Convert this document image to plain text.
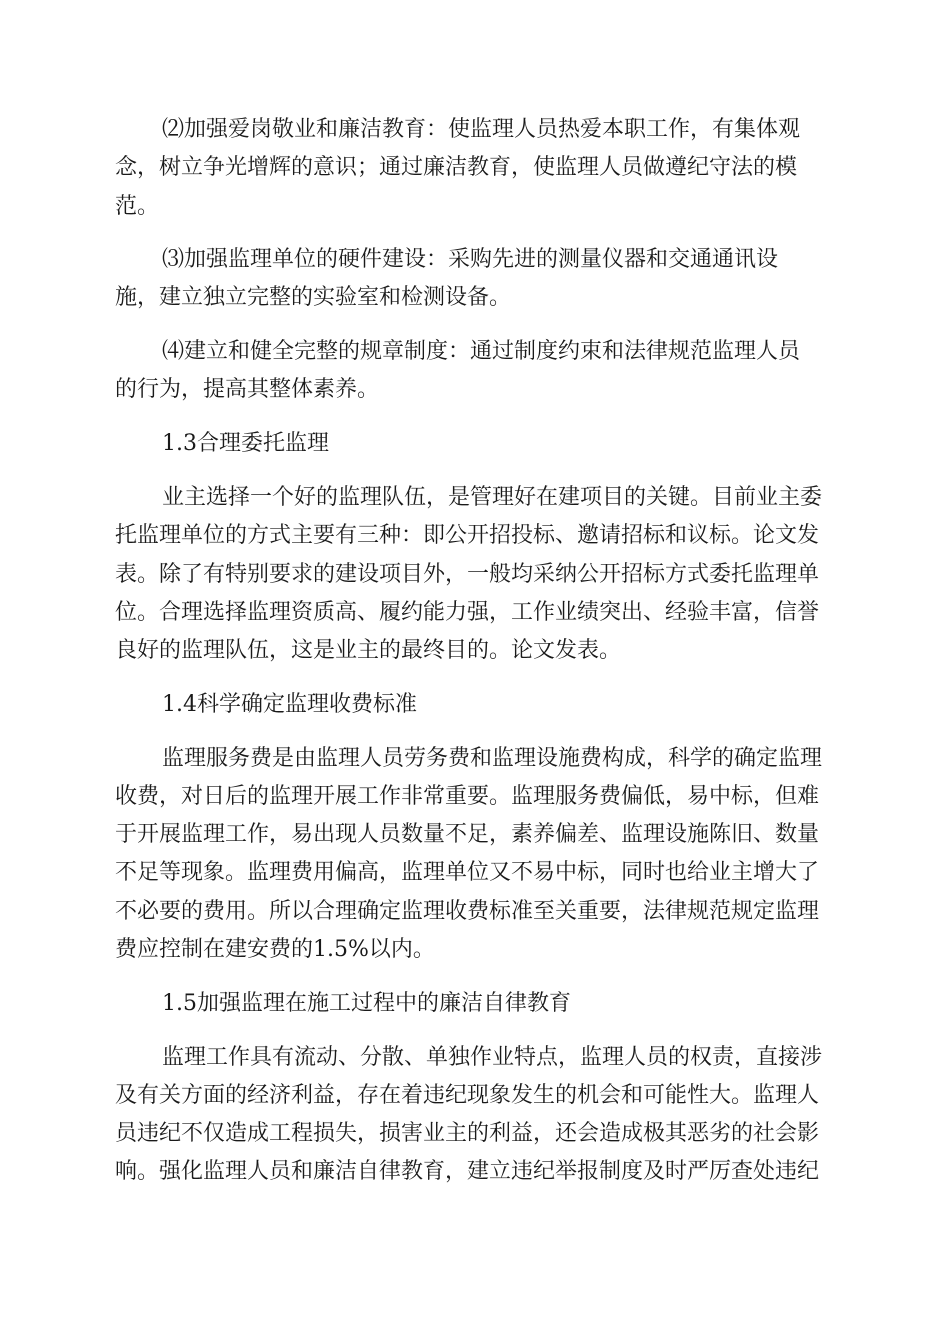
⑵加强爱岗敬业和廉洁教育：使监理人员热爱本职工作，有集体观
念，树立争光增辉的意识；通过廉洁教育，使监理人员做遵纪守法的模
范。
⑶加强监理单位的硬件建设：采购先进的测量仪器和交通通讯设
施，建立独立完整的实验室和检测设备。
⑷建立和健全完整的规章制度：通过制度约束和法律规范监理人员
的行为，提高其整体素养。
1.3合理委托监理
业主选择一个好的监理队伍，是管理好在建项目的关键。目前业主委
托监理单位的方式主要有三种：即公开招投标、邀请招标和议标。论文发
表。除了有特别要求的建设项目外，一般均采纳公开招标方式委托监理单
位。合理选择监理资质高、履约能力强，工作业绩突出、经验丰富，信誉
良好的监理队伍，这是业主的最终目的。论文发表。
1.4科学确定监理收费标准
监理服务费是由监理人员劳务费和监理设施费构成，科学的确定监理
收费，对日后的监理开展工作非常重要。监理服务费偏低，易中标，但难
于开展监理工作，易出现人员数量不足，素养偏差、监理设施陈旧、数量
不足等现象。监理费用偏高，监理单位又不易中标，同时也给业主增大了
不必要的费用。所以合理确定监理收费标准至关重要，法律规范规定监理
费应控制在建安费的1.5%以内。
1.5加强监理在施工过程中的廉洁自律教育
监理工作具有流动、分散、单独作业特点，监理人员的权责，直接涉
及有关方面的经济利益，存在着违纪现象发生的机会和可能性大。监理人
员违纪不仅造成工程损失，损害业主的利益，还会造成极其恶劣的社会影
响。强化监理人员和廉洁自律教育，建立违纪举报制度及时严厉查处违纪
